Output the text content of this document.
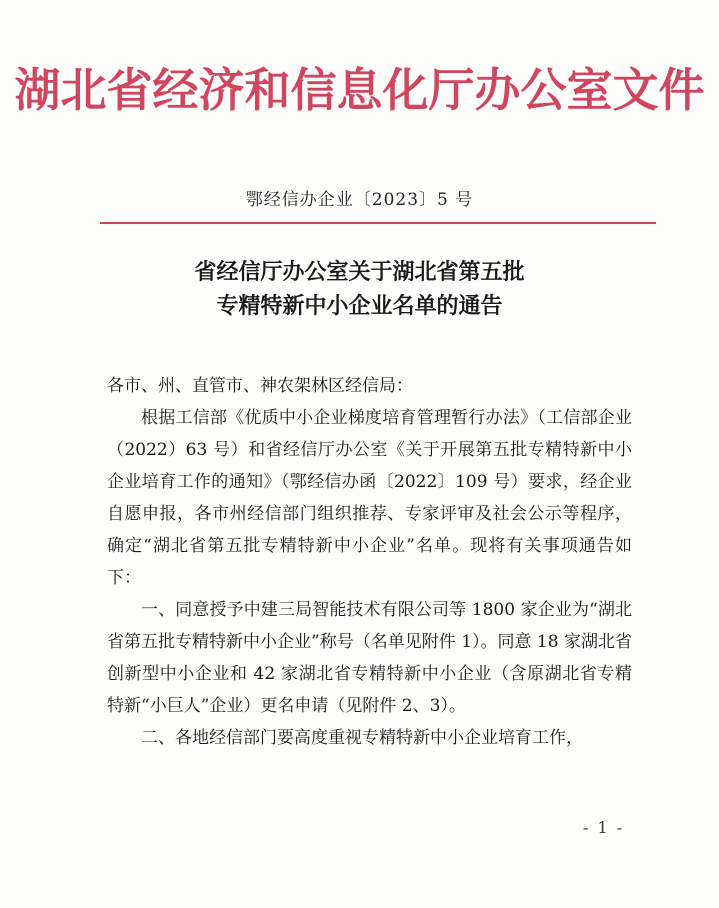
湖北省经济和信息化厅办公室文件
鄂经信办企业〔2023〕5 号
省经信厅办公室关于湖北省第五批
专精特新中小企业名单的通告

各市、州、直管市、神农架林区经信局：

根据工信部《优质中小企业梯度培育管理暂行办法》（工信部企业（2022）63 号）和省经信厅办公室《关于开展第五批专精特新中小企业培育工作的通知》（鄂经信办函〔2022〕109 号）要求，经企业自愿申报，各市州经信部门组织推荐、专家评审及社会公示等程序，确定“湖北省第五批专精特新中小企业”名单。现将有关事项通告如下：

一、同意授予中建三局智能技术有限公司等 1800 家企业为“湖北省第五批专精特新中小企业”称号（名单见附件 1）。同意 18 家湖北省创新型中小企业和 42 家湖北省专精特新中小企业（含原湖北省专精特新“小巨人”企业）更名申请（见附件 2、3）。

二、各地经信部门要高度重视专精特新中小企业培育工作，

- 1 -
